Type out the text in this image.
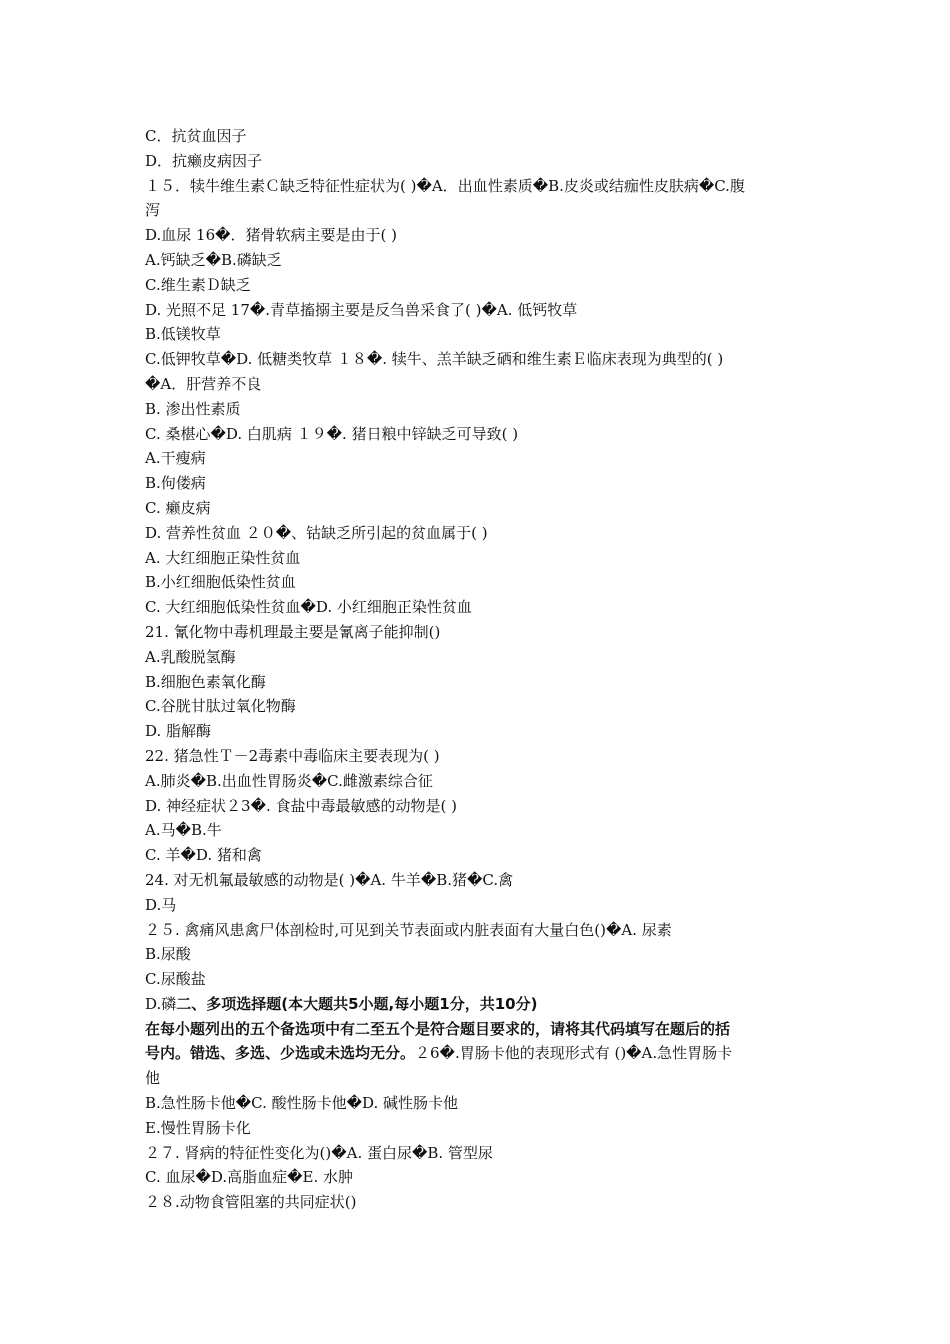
C．抗贫血因子
D．抗癞皮病因子
１５．犊牛维生素Ｃ缺乏特征性症状为( )�A．出血性素质�B.皮炎或结痂性皮肤病�C.腹
泻
D.血尿 16�．猪骨软病主要是由于( )
A.钙缺乏�B.磷缺乏
C.维生素Ｄ缺乏
D. 光照不足 17�.青草搐搦主要是反刍兽采食了( )�A. 低钙牧草
B.低镁牧草
C.低钾牧草�D. 低糖类牧草 １８�. 犊牛、羔羊缺乏硒和维生素Ｅ临床表现为典型的( )
�A．肝营养不良
B. 渗出性素质
C. 桑椹心�D. 白肌病 １９�. 猪日粮中锌缺乏可导致( )
A.干瘦病
B.佝偻病
C. 癞皮病
D. 营养性贫血 ２０�、钴缺乏所引起的贫血属于( )
A. 大红细胞正染性贫血
B.小红细胞低染性贫血
C. 大红细胞低染性贫血�D. 小红细胞正染性贫血
21. 氰化物中毒机理最主要是氰离子能抑制()
A.乳酸脱氢酶
B.细胞色素氧化酶
C.谷胱甘肽过氧化物酶
D. 脂解酶
22. 猪急性Ｔ－2毒素中毒临床主要表现为( )
A.肺炎�B.出血性胃肠炎�C.雌激素综合征
D. 神经症状２3�. 食盐中毒最敏感的动物是( )
A.马�B.牛
C. 羊�D. 猪和禽
24. 对无机氟最敏感的动物是( )�A. 牛羊�B.猪�C.禽
D.马
２５. 禽痛风患禽尸体剖检时,可见到关节表面或内脏表面有大量白色()�A. 尿素
B.尿酸
C.尿酸盐
D.磷二、多项选择题(本大题共5小题,每小题1分，共10分)
在每小题列出的五个备选项中有二至五个是符合题目要求的，请将其代码填写在题后的括
号内。错选、多选、少选或未选均无分。２6�.胃肠卡他的表现形式有 ()�A.急性胃肠卡
他
B.急性肠卡他�C. 酸性肠卡他�D. 碱性肠卡他
E.慢性胃肠卡化
２７. 肾病的特征性变化为()�A. 蛋白尿�B. 管型尿
C. 血尿�D.高脂血症�E. 水肿
２８.动物食管阻塞的共同症状()
